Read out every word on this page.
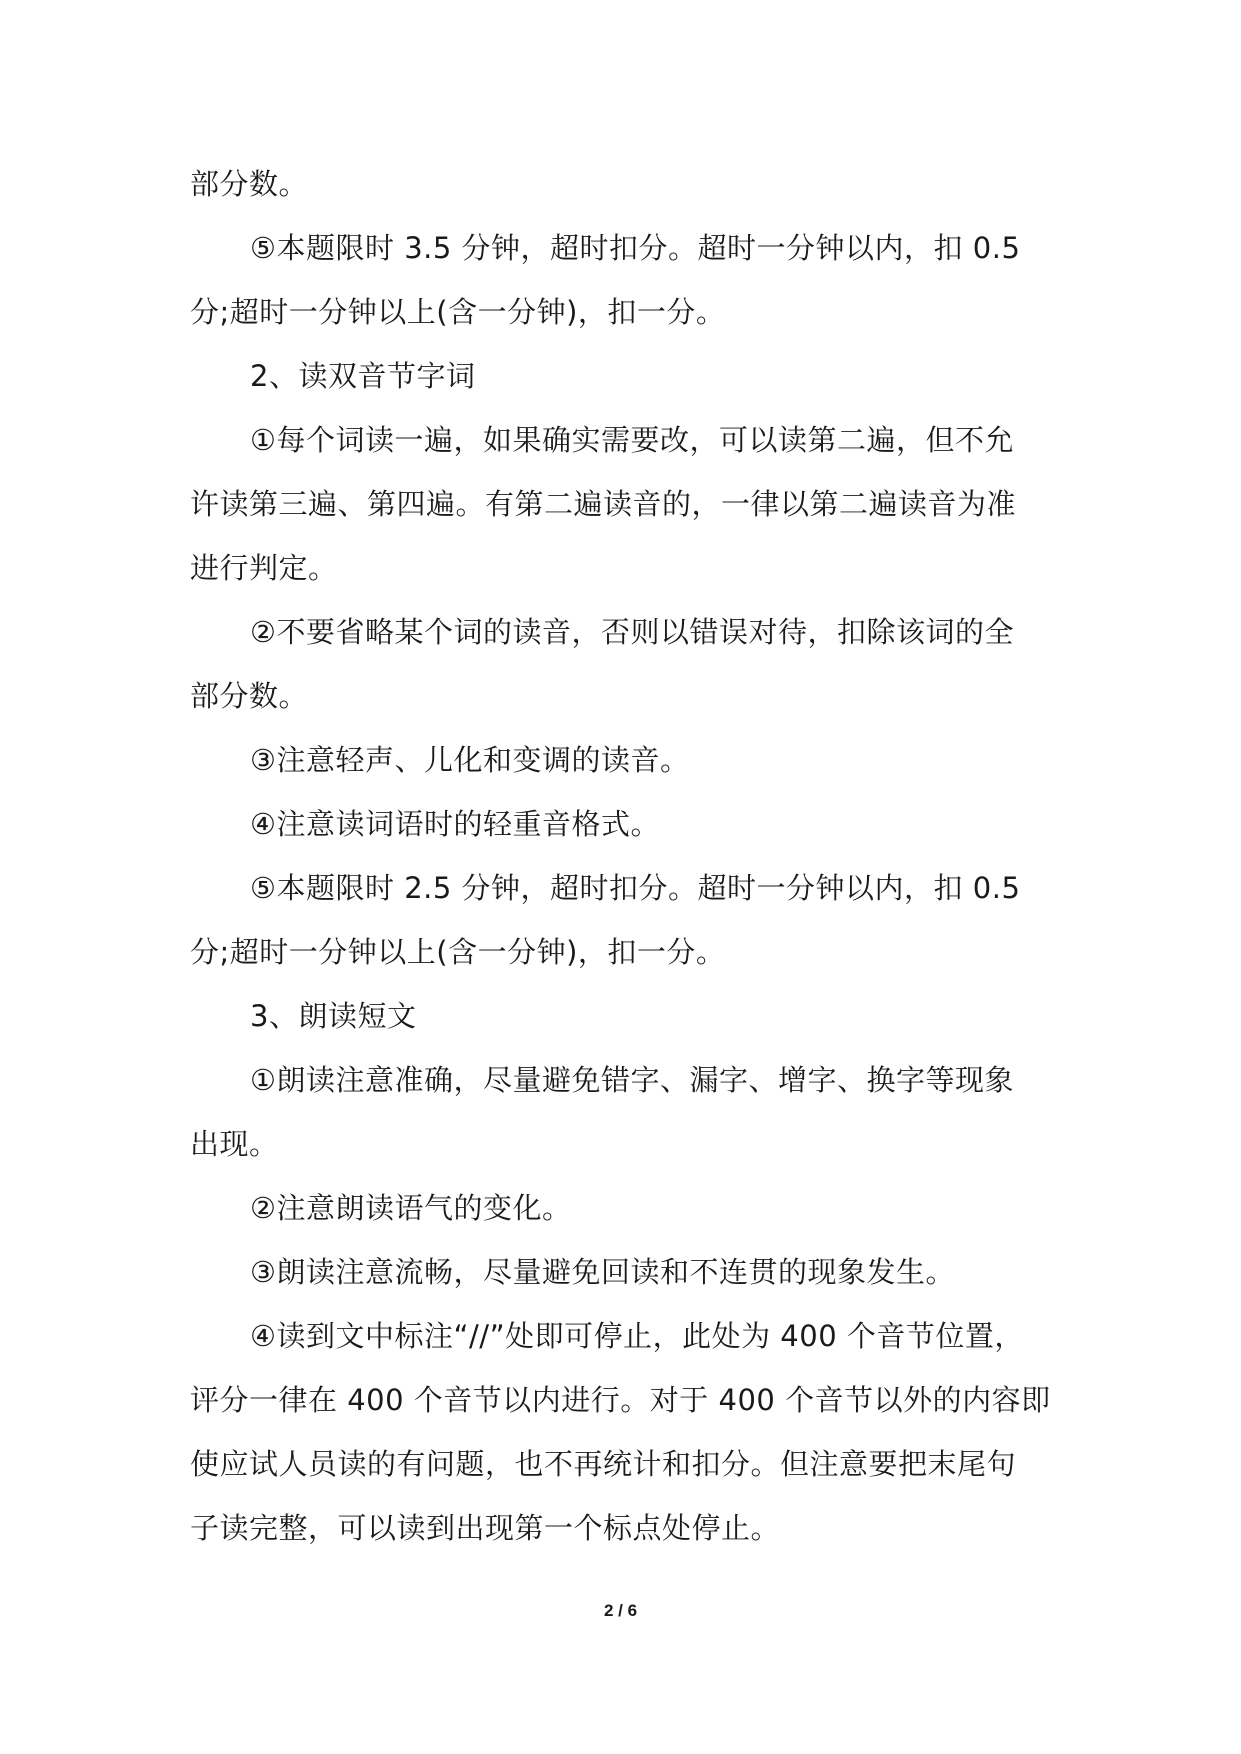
部分数。
⑤本题限时 3.5 分钟，超时扣分。超时一分钟以内，扣 0.5
分;超时一分钟以上(含一分钟)，扣一分。
2、读双音节字词
①每个词读一遍，如果确实需要改，可以读第二遍，但不允
许读第三遍、第四遍。有第二遍读音的，一律以第二遍读音为准
进行判定。
②不要省略某个词的读音，否则以错误对待，扣除该词的全
部分数。
③注意轻声、儿化和变调的读音。
④注意读词语时的轻重音格式。
⑤本题限时 2.5 分钟，超时扣分。超时一分钟以内，扣 0.5
分;超时一分钟以上(含一分钟)，扣一分。
3、朗读短文
①朗读注意准确，尽量避免错字、漏字、增字、换字等现象
出现。
②注意朗读语气的变化。
③朗读注意流畅，尽量避免回读和不连贯的现象发生。
④读到文中标注“//”处即可停止，此处为 400 个音节位置，
评分一律在 400 个音节以内进行。对于 400 个音节以外的内容即
使应试人员读的有问题，也不再统计和扣分。但注意要把末尾句
子读完整，可以读到出现第一个标点处停止。
2 / 6
